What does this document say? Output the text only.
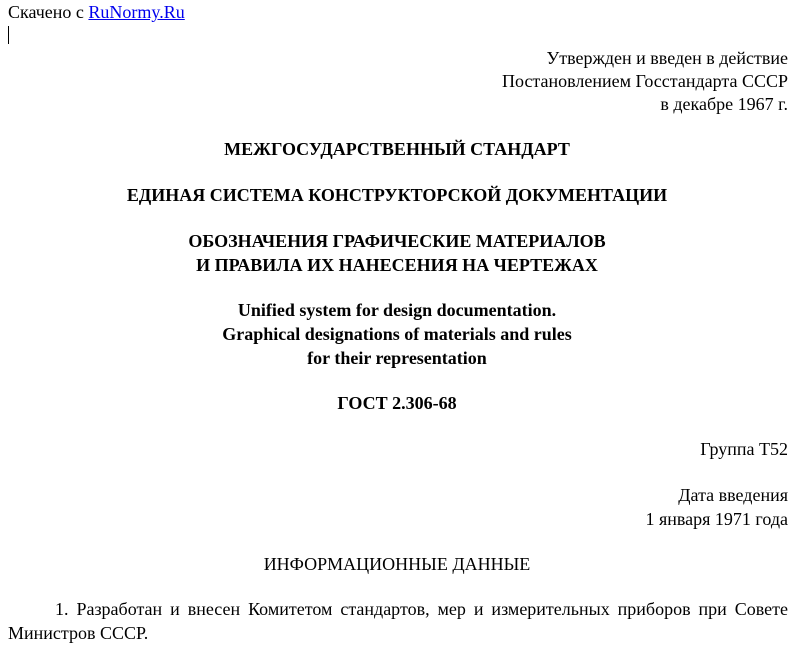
Скачено с RuNormy.Ru
Утвержден и введен в действие
Постановлением Госстандарта СССР
в декабре 1967 г.
МЕЖГОСУДАРСТВЕННЫЙ СТАНДАРТ
ЕДИНАЯ СИСТЕМА КОНСТРУКТОРСКОЙ ДОКУМЕНТАЦИИ
ОБОЗНАЧЕНИЯ ГРАФИЧЕСКИЕ МАТЕРИАЛОВ
И ПРАВИЛА ИХ НАНЕСЕНИЯ НА ЧЕРТЕЖАХ
Unified system for design documentation.
Graphical designations of materials and rules
for their representation
ГОСТ 2.306-68
Группа Т52
Дата введения
1 января 1971 года
ИНФОРМАЦИОННЫЕ ДАННЫЕ
1. Разработан и внесен Комитетом стандартов, мер и измерительных приборов при Совете Министров СССР.
